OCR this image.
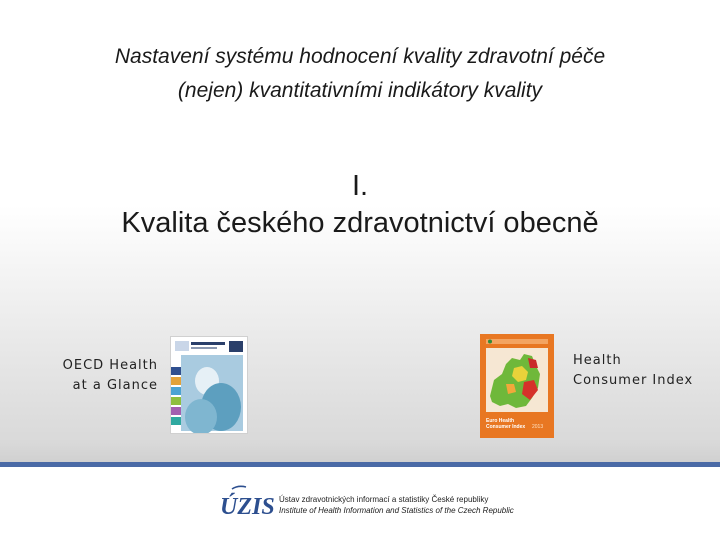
Nastavení systému hodnocení kvality zdravotní péče
(nejen) kvantitativními indikátory kvality
I.
Kvalita českého zdravotnictví obecně
OECD Health
at a Glance
Euro Health
Consumer Index 2013
Health
Consumer Index
ÚZIS Ústav zdravotnických informací a statistiky České republiky
Institute of Health Information and Statistics of the Czech Republic
